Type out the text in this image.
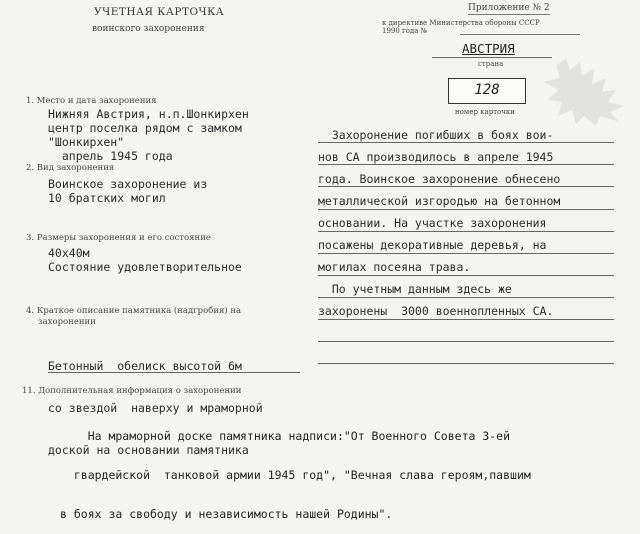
УЧЕТНАЯ КАРТОЧКА
воинского захоронения
Приложение № 2
к директиве Министерства обороны СССР
1990 года №
АВСТРИЯ
страна
128
номер карточки
1. Место и дата захоронения
Нижняя Австрия, н.п.Шонкирхен
центр поселка рядом с замком
"Шонкирхен"
апрель 1945 года
2. Вид захоронения
Воинское захоронение из
10 братских могил
3. Размеры захоронения и его состояние
40х40м
Состояние удовлетворительное
4. Краткое описание памятника (надгробия) на
захоронении

Бетонный  обелиск высотой 6м

со звездой  наверху и мраморной

доской на основании памятника

11. Дополнительная информация о захоронении
Захоронение погибших в боях вои-
нов СА производилось в апреле 1945
года. Воинское захоронение обнесено
металлической изгородью на бетонном
основании. На участке захоронения
посажены декоративные деревья, на
могилах посеяна трава.
По учетным данным здесь же
захоронены  3000 военнопленных СА.

На мраморной доске памятника надписи:"От Военного Совета 3-ей

гвардейской  танковой армии 1945 год", "Вечная слава героям,павшим

в боях за свободу и независимость нашей Родины".
